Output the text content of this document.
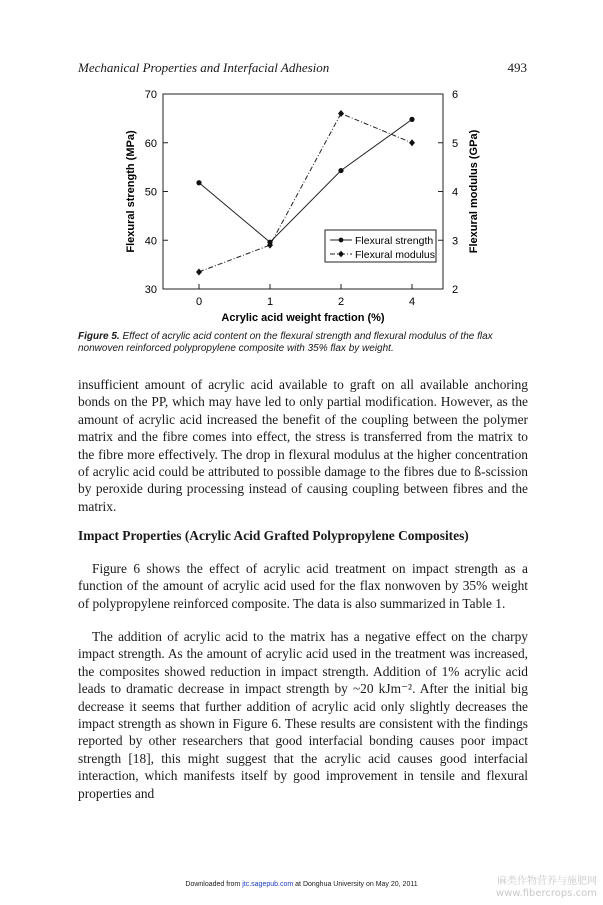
Mechanical Properties and Interfacial Adhesion	493
Acrylic acid weight fraction (%)
Flexural strength (MPa)	Flexural modulus (GPa)
30
40
50
60
70
2
3
4
5
6
0	1	2	4
Flexural strength
Flexural modulus
Figure 5. Effect of acrylic acid content on the flexural strength and flexural modulus of the flax nonwoven reinforced polypropylene composite with 35% flax by weight.
insufficient amount of acrylic acid available to graft on all available anchoring bonds on the PP, which may have led to only partial modification. However, as the amount of acrylic acid increased the benefit of the coupling between the polymer matrix and the fibre comes into effect, the stress is transferred from the matrix to the fibre more effectively. The drop in flexural modulus at the higher concentration of acrylic acid could be attributed to possible damage to the fibres due to ß-scission by peroxide during processing instead of causing coupling between fibres and the matrix.
Impact Properties (Acrylic Acid Grafted Polypropylene Composites)
Figure 6 shows the effect of acrylic acid treatment on impact strength as a function of the amount of acrylic acid used for the flax nonwoven by 35% weight of polypropylene reinforced composite. The data is also summarized in Table 1.
The addition of acrylic acid to the matrix has a negative effect on the charpy impact strength. As the amount of acrylic acid used in the treatment was increased, the composites showed reduction in impact strength. Addition of 1% acrylic acid leads to dramatic decrease in impact strength by ~20 kJm⁻². After the initial big decrease it seems that further addition of acrylic acid only slightly decreases the impact strength as shown in Figure 6. These results are consistent with the findings reported by other researchers that good interfacial bonding causes poor impact strength [18], this might suggest that the acrylic acid causes good interfacial interaction, which manifests itself by good improvement in tensile and flexural properties and
Downloaded from jtc.sagepub.com at Donghua University on May 20, 2011	麻类作物营养与施肥网
www.fibercrops.com
